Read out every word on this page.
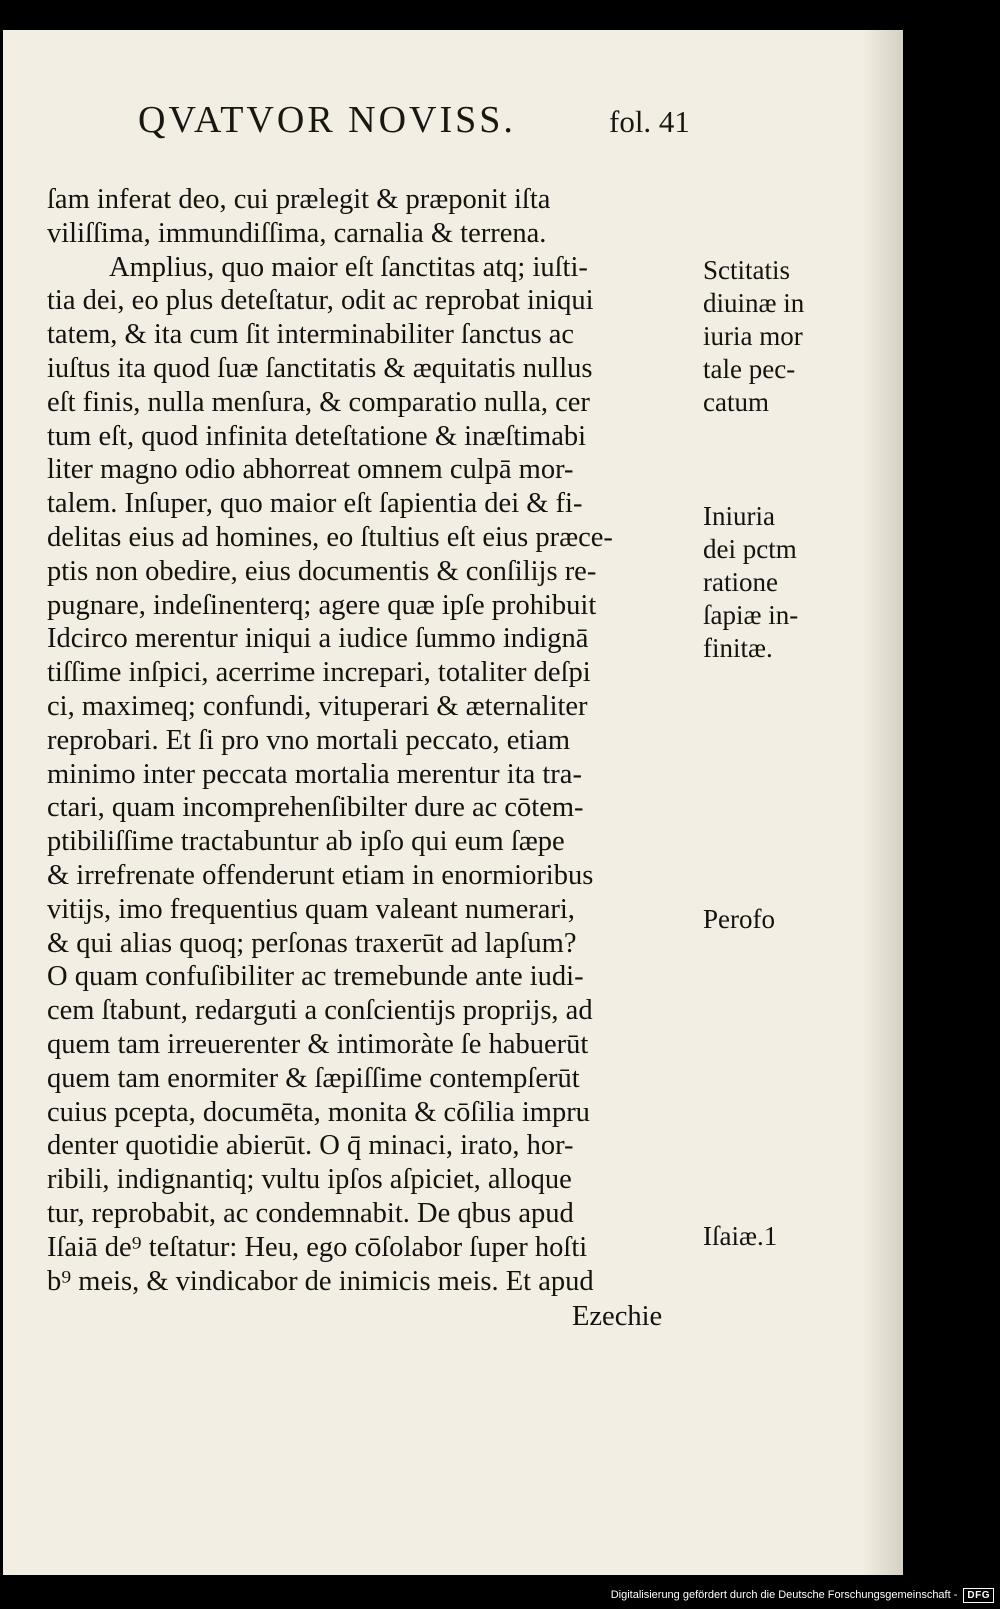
QVATVOR NOVISS.	fol. 41
ſam inferat deo, cui prælegit & præponit iſta
viliſſima, immundiſſima, carnalia & terrena.
Amplius, quo maior eſt ſanctitas atq; iuſti-
tia dei, eo plus deteſtatur, odit ac reprobat iniqui
tatem, & ita cum ſit interminabiliter ſanctus ac
iuſtus ita quod ſuæ ſanctitatis & æquitatis nullus
eſt finis, nulla menſura, & comparatio nulla, cer
tum eſt, quod infinita deteſtatione & inæſtimabi
liter magno odio abhorreat omnem culpā mor-
talem. Inſuper, quo maior eſt ſapientia dei & fi-
delitas eius ad homines, eo ſtultius eſt eius præce-
ptis non obedire, eius documentis & conſilijs re-
pugnare, indeſinenterq; agere quæ ipſe prohibuit
Idcirco merentur iniqui a iudice ſummo indignā
tiſſime inſpici, acerrime increpari, totaliter deſpi
ci, maximeq; confundi, vituperari & æternaliter
reprobari. Et ſi pro vno mortali peccato, etiam
minimo inter peccata mortalia merentur ita tra-
ctari, quam incomprehenſibilter dure ac cōtem-
ptibiliſſime tractabuntur ab ipſo qui eum ſæpe
& irrefrenate offenderunt etiam in enormioribus
vitijs, imo frequentius quam valeant numerari,
& qui alias quoq; perſonas traxerūt ad lapſum?
O quam confuſibiliter ac tremebunde ante iudi-
cem ſtabunt, redarguti a conſcientijs proprijs, ad
quem tam irreuerenter & intimoràte ſe habuerūt
quem tam enormiter & ſæpiſſime contempſerūt
cuius pcepta, documēta, monita & cōſilia impru
denter quotidie abierūt. O q̄ minaci, irato, hor-
ribili, indignantiq; vultu ipſos aſpiciet, alloque
tur, reprobabit, ac condemnabit. De qbus apud
Iſaiā de⁹ teſtatur: Heu, ego cōſolabor ſuper hoſti
b⁹ meis, & vindicabor de inimicis meis. Et apud
Ezechie
Sctitatis
diuinæ in
iuria mor
tale pec-
catum
Iniuria
dei pctm
ratione
ſapiæ in-
finitæ.
Perofo
Iſaiæ.1
Digitalisierung gefördert durch die Deutsche Forschungsgemeinschaft -	DFG
